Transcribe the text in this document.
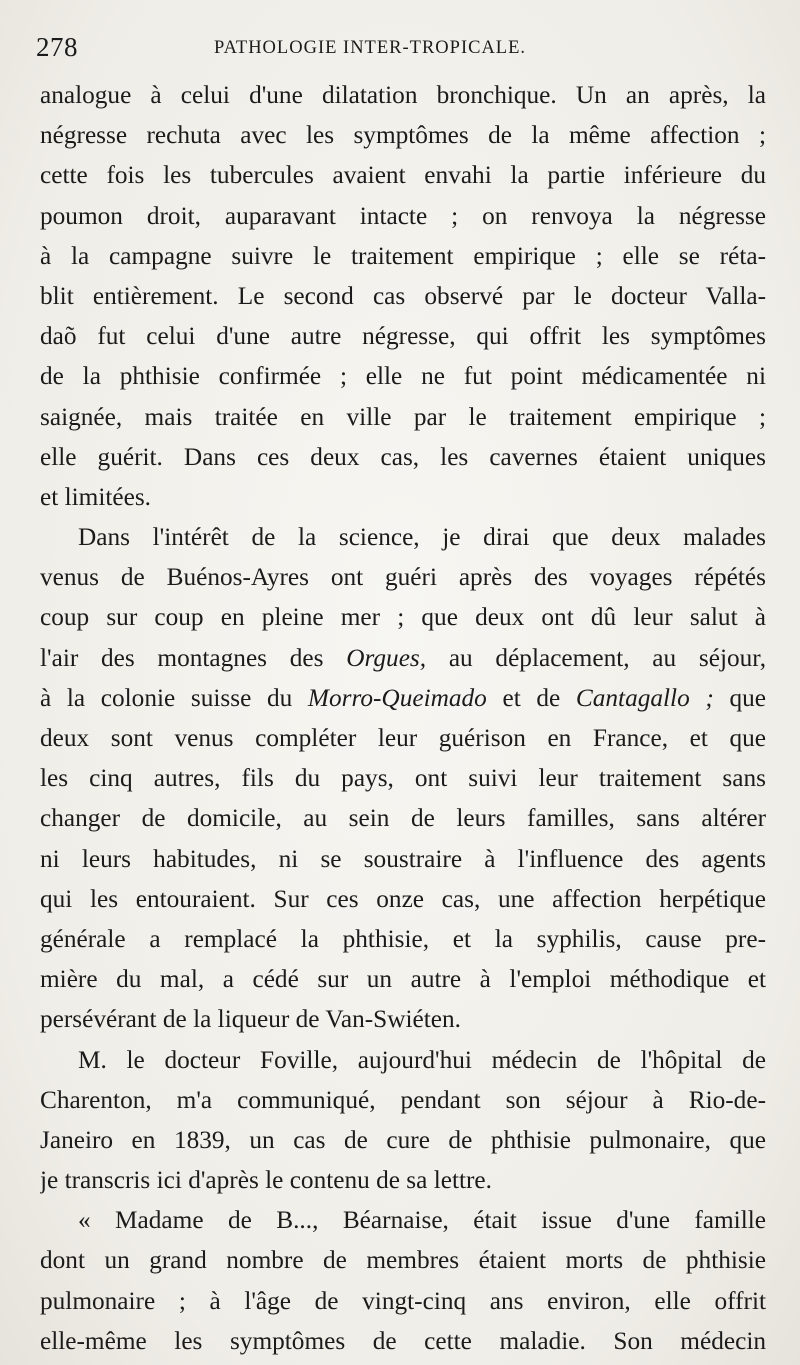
278	PATHOLOGIE INTER-TROPICALE.
analogue à celui d'une dilatation bronchique. Un an après, la
négresse rechuta avec les symptômes de la même affection ;
cette fois les tubercules avaient envahi la partie inférieure du
poumon droit, auparavant intacte ; on renvoya la négresse
à la campagne suivre le traitement empirique ; elle se réta-
blit entièrement. Le second cas observé par le docteur Valla-
daõ fut celui d'une autre négresse, qui offrit les symptômes
de la phthisie confirmée ; elle ne fut point médicamentée ni
saignée, mais traitée en ville par le traitement empirique ;
elle guérit. Dans ces deux cas, les cavernes étaient uniques
et limitées.
Dans l'intérêt de la science, je dirai que deux malades
venus de Buénos-Ayres ont guéri après des voyages répétés
coup sur coup en pleine mer ; que deux ont dû leur salut à
l'air des montagnes des Orgues, au déplacement, au séjour,
à la colonie suisse du Morro-Queimado et de Cantagallo ; que
deux sont venus compléter leur guérison en France, et que
les cinq autres, fils du pays, ont suivi leur traitement sans
changer de domicile, au sein de leurs familles, sans altérer
ni leurs habitudes, ni se soustraire à l'influence des agents
qui les entouraient. Sur ces onze cas, une affection herpétique
générale a remplacé la phthisie, et la syphilis, cause pre-
mière du mal, a cédé sur un autre à l'emploi méthodique et
persévérant de la liqueur de Van-Swiéten.
M. le docteur Foville, aujourd'hui médecin de l'hôpital de
Charenton, m'a communiqué, pendant son séjour à Rio-de-
Janeiro en 1839, un cas de cure de phthisie pulmonaire, que
je transcris ici d'après le contenu de sa lettre.
« Madame de B..., Béarnaise, était issue d'une famille
dont un grand nombre de membres étaient morts de phthisie
pulmonaire ; à l'âge de vingt-cinq ans environ, elle offrit
elle-même les symptômes de cette maladie. Son médecin
